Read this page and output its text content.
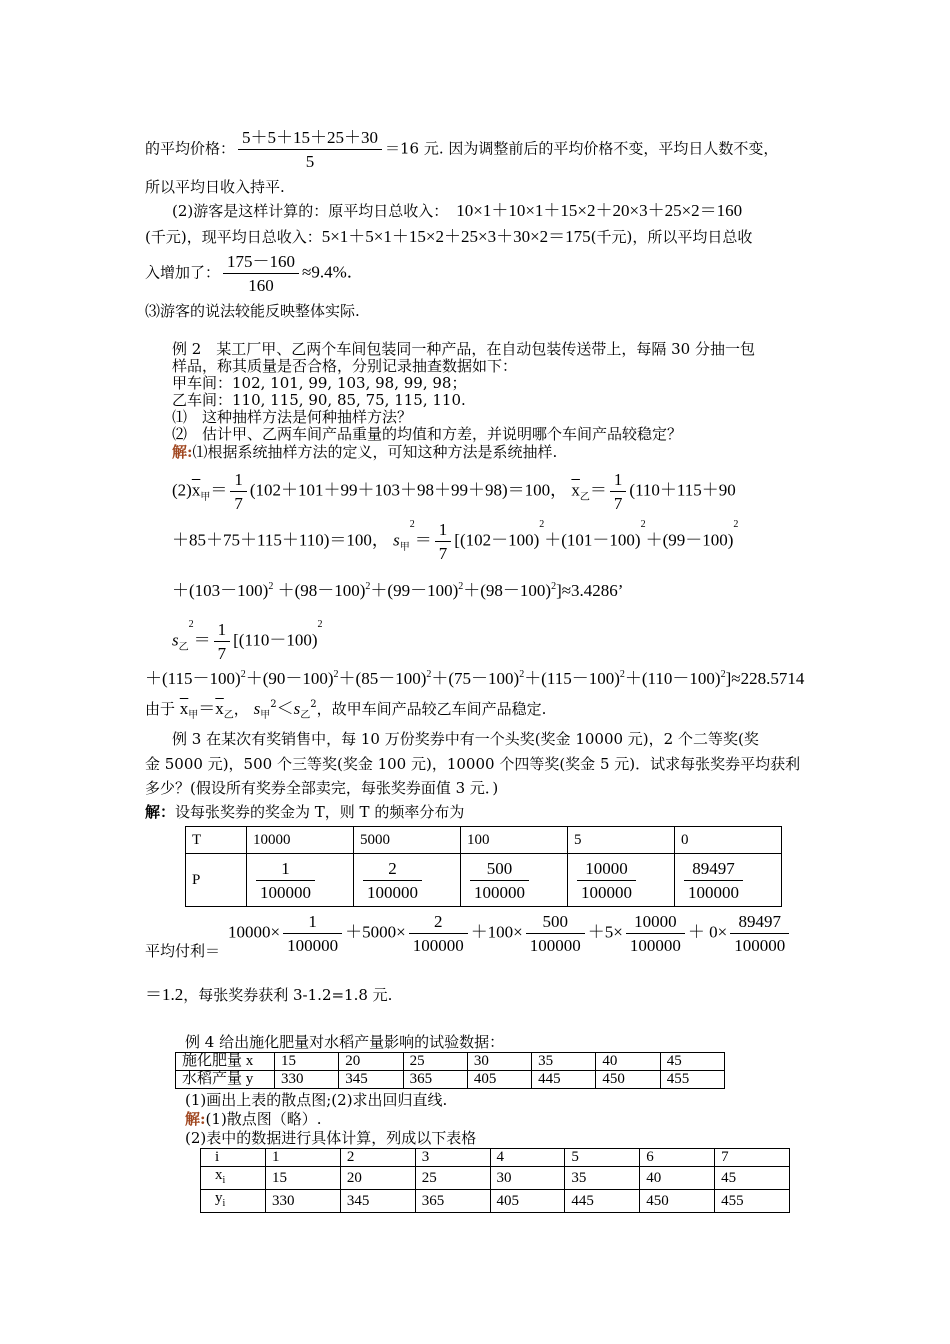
的平均价格： $\frac{5+5+15+25+30}{5} =16$ 元. 因为调整前后的平均价格不变，平均日人数不变，
所以平均日收入持平.
(2)游客是这样计算的：原平均日总收入： 10×1＋10×1＋15×2＋20×3＋25×2＝160
(千元)，现平均日总收入：5×1＋5×1＋15×2＋25×3＋30×2＝175(千元)，所以平均日总收
入增加了： $\frac{175-160}{160} \approx 9.4\%$．
⑶游客的说法较能反映整体实际.
例 2　某工厂甲、乙两个车间包装同一种产品，在自动包装传送带上，每隔 30 分抽一包
样品，称其质量是否合格，分别记录抽查数据如下：
甲车间：102, 101, 99, 103, 98, 99, 98；
乙车间：110, 115, 90, 85, 75, 115, 110.
⑴　这种抽样方法是何种抽样方法？
⑵　估计甲、乙两车间产品重量的均值和方差，并说明哪个车间产品较稳定？
解:⑴根据系统抽样方法的定义，可知这种方法是系统抽样.
$(2)\overline{x}_甲= \frac{1}{7} (102+101+99+103+98+99+98)=100$， $\overline{x}_乙= \frac{1}{7} (110+115+90$
＋85＋75＋115＋110)＝100， $s_甲^2= \frac{1}{7} [(102-100)^2+(101-100)^2+(99-100)^2$
$+(103-100)^2 +(98-100)^2+(99-100)^2+(98-100)^2]\approx 3.4286$’
$s_乙^2= \frac{1}{7} [(110-100)^2$
$+(115-100)^2+(90-100)^2+(85-100)^2+(75-100)^2+(115-100)^2+(110-100)^2]\approx 228.5714$
由于 $\overline{x}_甲=\overline{x}_乙$， $s_甲^2<s_乙^2$，故甲车间产品较乙车间产品稳定.
例 3 在某次有奖销售中，每 10 万份奖券中有一个头奖(奖金 10000 元)，2 个二等奖(奖
金 5000 元)，500 个三等奖(奖金 100 元)，10000 个四等奖(奖金 5 元)．试求每张奖券平均获利
多少？(假设所有奖券全部卖完，每张奖券面值 3 元．)
解：设每张奖券的奖金为 T，则 T 的频率分布为
T	10000	5000	100	5	0
P	$\frac{1}{100000}$	$\frac{2}{100000}$	$\frac{500}{100000}$	$\frac{10000}{100000}$	$\frac{89497}{100000}$
平均付利＝
$10000\times \frac{1}{100000} +5000\times \frac{2}{100000} +100\times \frac{500}{100000} +5\times \frac{10000}{100000} + 0\times \frac{89497}{100000}$
＝1.2，每张奖券获利 3-1.2=1.8 元.
例 4 给出施化肥量对水稻产量影响的试验数据：
施化肥量 x	15	20	25	30	35	40	45
水稻产量 y	330	345	365	405	445	450	455
(1)画出上表的散点图;(2)求出回归直线.
解:(1)散点图（略）.
(2)表中的数据进行具体计算，列成以下表格
i	1	2	3	4	5	6	7
$x_i$	15	20	25	30	35	40	45
$y_i$	330	345	365	405	445	450	455
